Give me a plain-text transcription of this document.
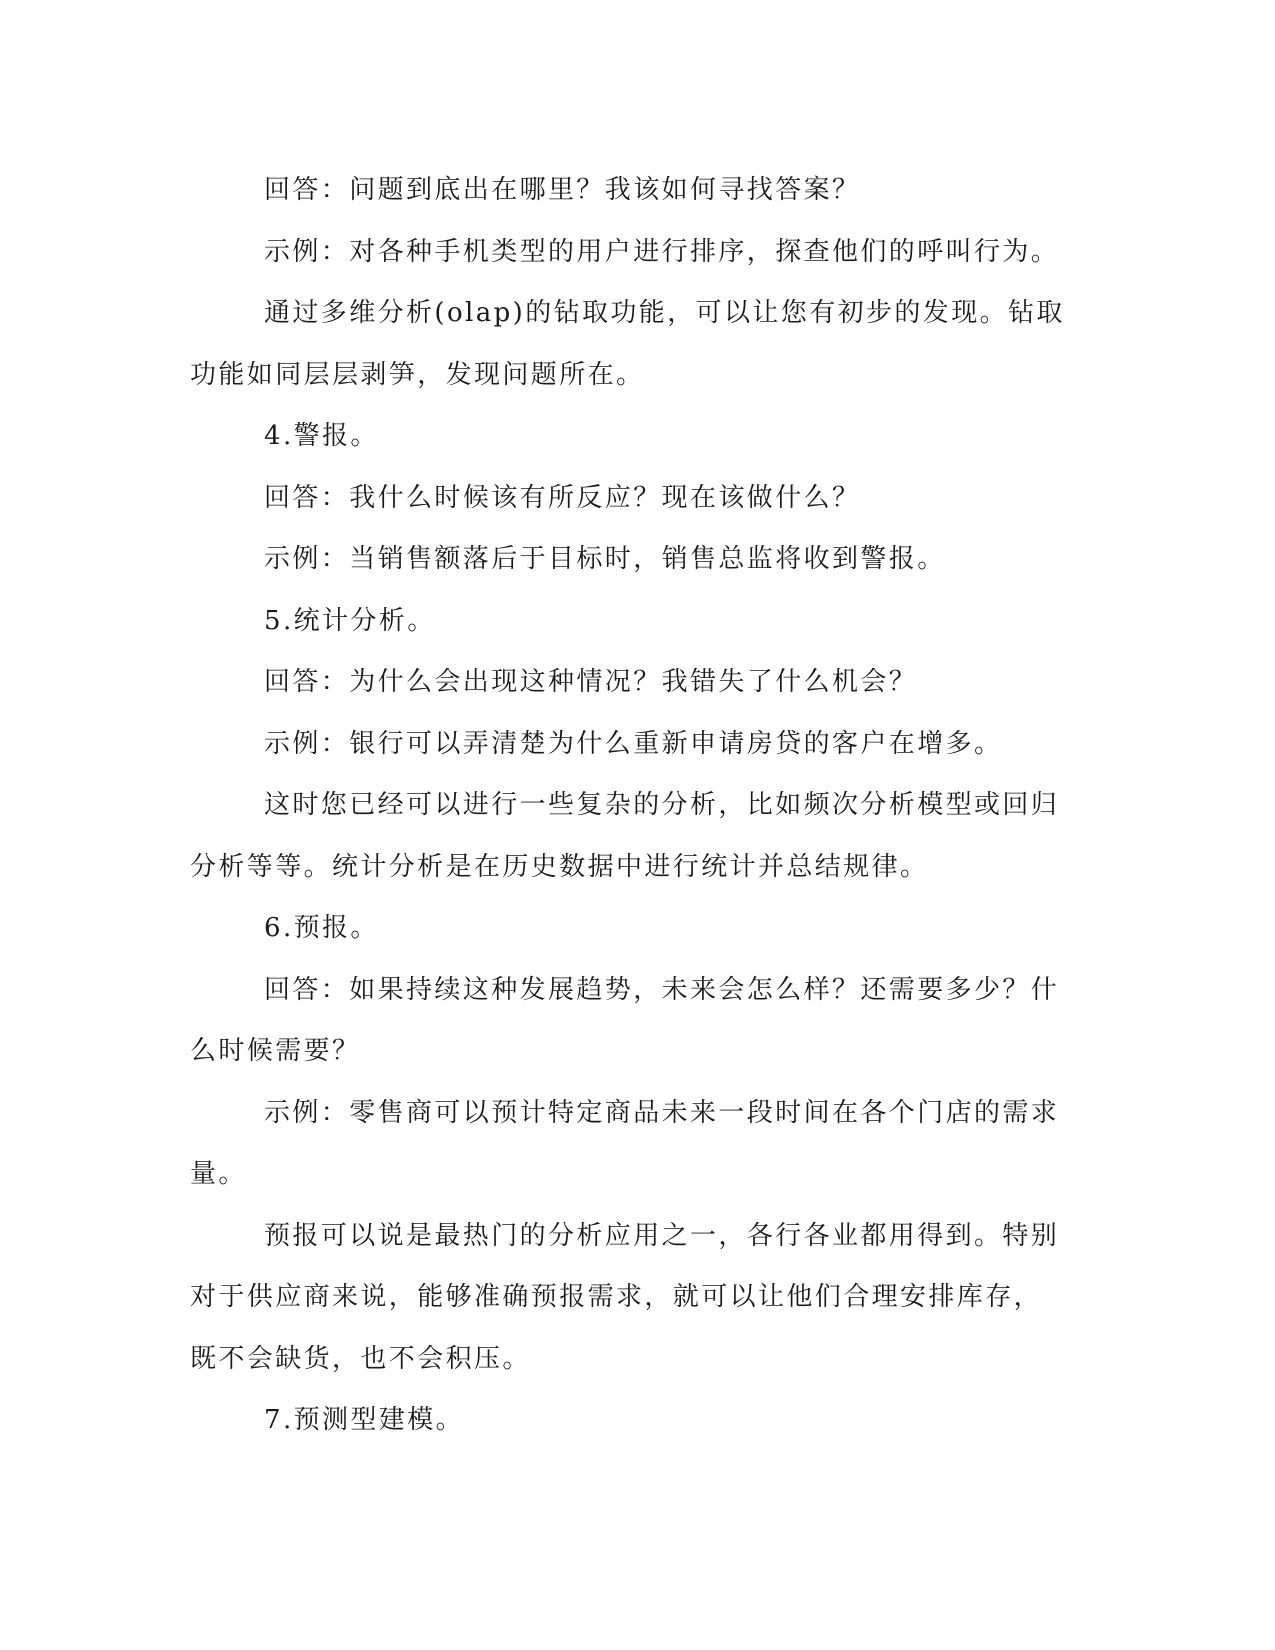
回答：问题到底出在哪里？我该如何寻找答案？
示例：对各种手机类型的用户进行排序，探查他们的呼叫行为。
通过多维分析(olap)的钻取功能，可以让您有初步的发现。钻取
功能如同层层剥笋，发现问题所在。
4.警报。
回答：我什么时候该有所反应？现在该做什么？
示例：当销售额落后于目标时，销售总监将收到警报。
5.统计分析。
回答：为什么会出现这种情况？我错失了什么机会？
示例：银行可以弄清楚为什么重新申请房贷的客户在增多。
这时您已经可以进行一些复杂的分析，比如频次分析模型或回归
分析等等。统计分析是在历史数据中进行统计并总结规律。
6.预报。
回答：如果持续这种发展趋势，未来会怎么样？还需要多少？什
么时候需要？
示例：零售商可以预计特定商品未来一段时间在各个门店的需求
量。
预报可以说是最热门的分析应用之一，各行各业都用得到。特别
对于供应商来说，能够准确预报需求，就可以让他们合理安排库存，
既不会缺货，也不会积压。
7.预测型建模。
